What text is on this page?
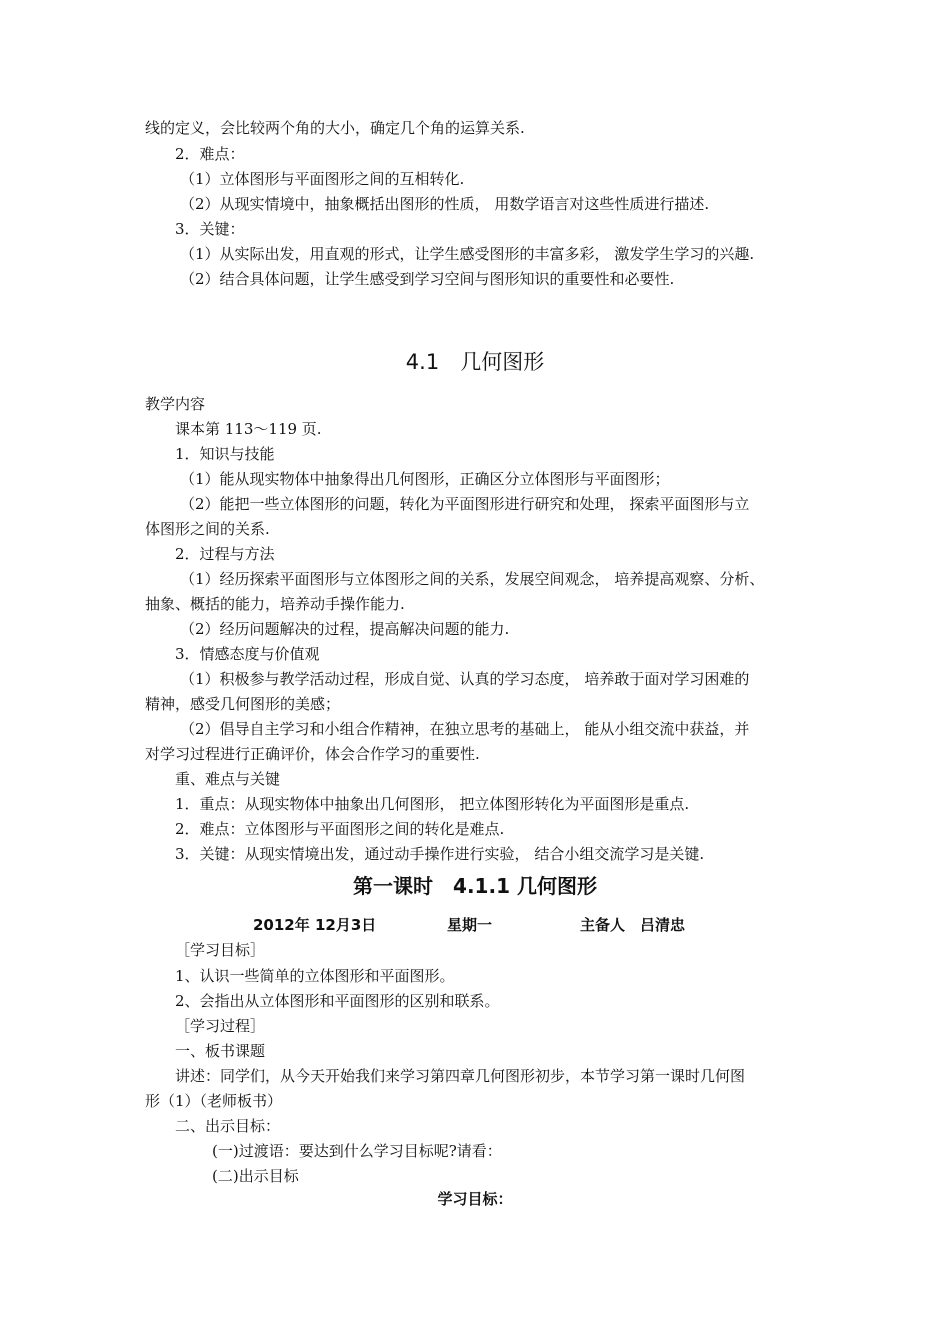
线的定义，会比较两个角的大小，确定几个角的运算关系.
2．难点：
（1）立体图形与平面图形之间的互相转化.
（2）从现实情境中，抽象概括出图形的性质， 用数学语言对这些性质进行描述.
3．关键：
（1）从实际出发，用直观的形式，让学生感受图形的丰富多彩， 激发学生学习的兴趣.
（2）结合具体问题，让学生感受到学习空间与图形知识的重要性和必要性.
4.1　几何图形
教学内容
课本第 113～119 页.
1．知识与技能
（1）能从现实物体中抽象得出几何图形，正确区分立体图形与平面图形；
（2）能把一些立体图形的问题，转化为平面图形进行研究和处理， 探索平面图形与立
体图形之间的关系.
2．过程与方法
（1）经历探索平面图形与立体图形之间的关系，发展空间观念， 培养提高观察、分析、
抽象、概括的能力，培养动手操作能力.
（2）经历问题解决的过程，提高解决问题的能力.
3．情感态度与价值观
（1）积极参与教学活动过程，形成自觉、认真的学习态度， 培养敢于面对学习困难的
精神，感受几何图形的美感；
（2）倡导自主学习和小组合作精神，在独立思考的基础上， 能从小组交流中获益，并
对学习过程进行正确评价，体会合作学习的重要性.
重、难点与关键
1．重点：从现实物体中抽象出几何图形， 把立体图形转化为平面图形是重点.
2．难点：立体图形与平面图形之间的转化是难点.
3．关键：从现实情境出发，通过动手操作进行实验， 结合小组交流学习是关键.
第一课时　4.1.1 几何图形
2012年 12月3日	星期一	主备人　吕清忠
［学习目标］
1、认识一些简单的立体图形和平面图形。
2、会指出从立体图形和平面图形的区别和联系。
［学习过程］
一、板书课题
讲述：同学们，从今天开始我们来学习第四章几何图形初步，本节学习第一课时几何图
形（1）（老师板书）
二、出示目标：
(一)过渡语：要达到什么学习目标呢?请看：
(二)出示目标
学习目标：
